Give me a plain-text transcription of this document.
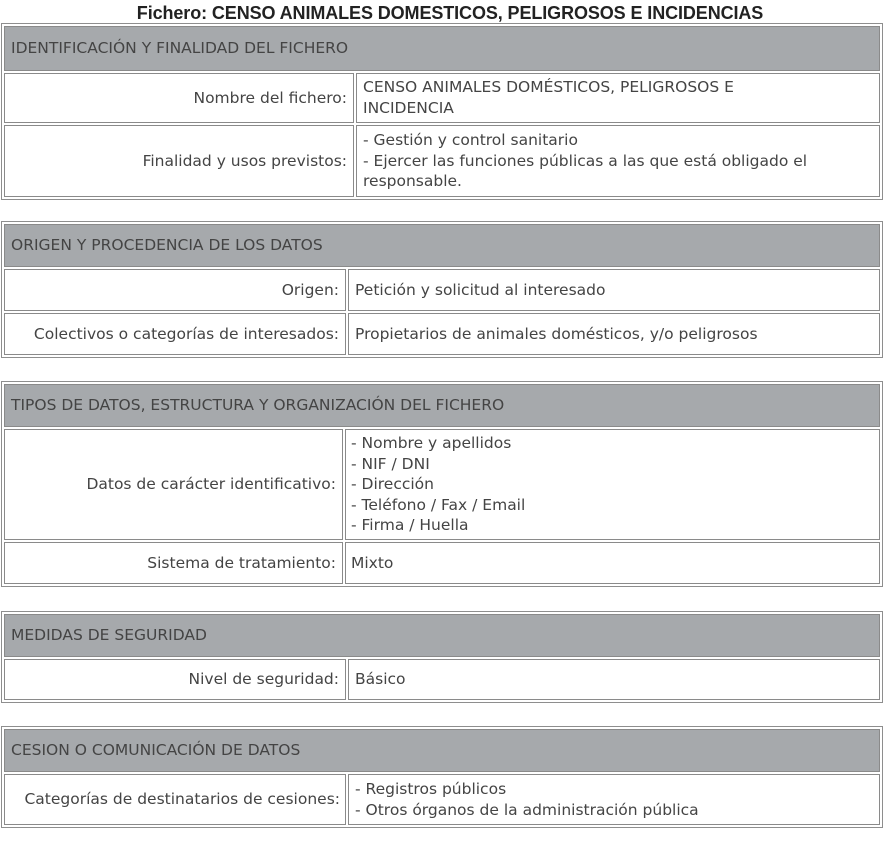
Fichero: CENSO ANIMALES DOMESTICOS, PELIGROSOS E INCIDENCIAS
IDENTIFICACIÓN Y FINALIDAD DEL FICHERO	
Nombre del fichero:	CENSO ANIMALES DOMÉSTICOS, PELIGROSOS E
INCIDENCIA

Finalidad y usos previstos:	- Gestión y control sanitario
- Ejercer las funciones públicas a las que está obligado el
responsable.
ORIGEN Y PROCEDENCIA DE LOS DATOS	
Origen:	Petición y solicitud al interesado

Colectivos o categorías de interesados:	Propietarios de animales domésticos, y/o peligrosos
TIPOS DE DATOS, ESTRUCTURA Y ORGANIZACIÓN DEL FICHERO	
Datos de carácter identificativo:	- Nombre y apellidos
- NIF / DNI
- Dirección
- Teléfono / Fax / Email
- Firma / Huella

Sistema de tratamiento:	Mixto
MEDIDAS DE SEGURIDAD
Nivel de seguridad:	Básico
CESION O COMUNICACIÓN DE DATOS
Categorías de destinatarios de cesiones:	
- Registros públicos
- Otros órganos de la administración pública
